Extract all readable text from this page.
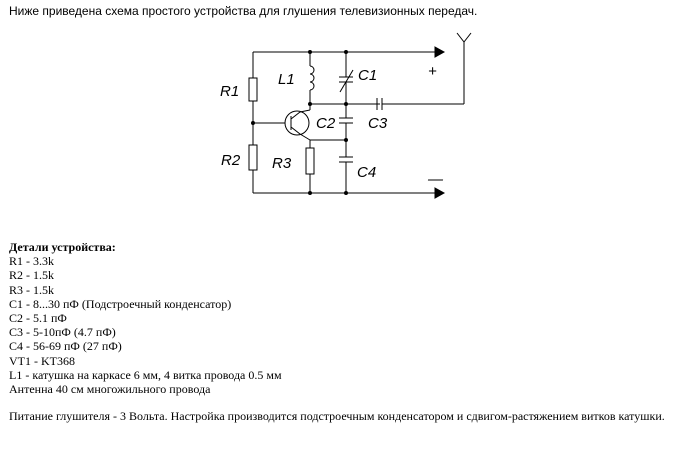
Ниже приведена схема простого устройства для глушения телевизионных передач.
R1
R2 R3
L1	C1
C2 C3
C4
+
—
Детали устройства:
R1 - 3.3k
R2 - 1.5k
R3 - 1.5k
C1 - 8...30 пФ (Подстроечный конденсатор)
C2 - 5.1 пФ
C3 - 5-10пФ (4.7 пФ)
C4 - 56-69 пФ (27 пФ)
VT1 - KT368
L1 - катушка на каркасе 6 мм, 4 витка провода 0.5 мм
Антенна 40 см многожильного провода
Питание глушителя - 3 Вольта. Настройка производится подстроечным конденсатором и сдвигом-растяжением витков катушки.
